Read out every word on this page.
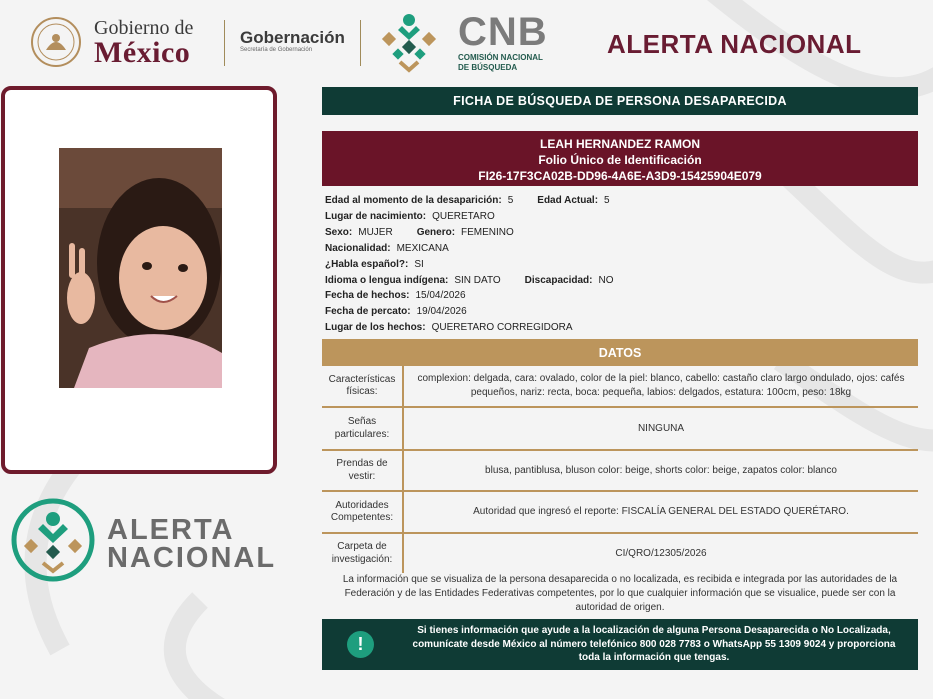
Gobierno de
México	Gobernación
Secretaría de Gobernación	CNB
COMISIÓN NACIONAL
DE BÚSQUEDA
ALERTA NACIONAL
ALERTA
NACIONAL
FICHA DE BÚSQUEDA DE PERSONA DESAPARECIDA
LEAH HERNANDEZ RAMON
Folio Único de Identificación
FI26-17F3CA02B-DD96-4A6E-A3D9-15425904E079
Edad al momento de la desaparición: 5 Edad Actual: 5
Lugar de nacimiento: QUERETARO
Sexo: MUJER Genero: FEMENINO
Nacionalidad: MEXICANA
¿Habla español?: SI
Idioma o lengua indígena: SIN DATO Discapacidad: NO
Fecha de hechos: 15/04/2026
Fecha de percato: 19/04/2026
Lugar de los hechos: QUERETARO CORREGIDORA
DATOS
Características físicas:
complexion: delgada, cara: ovalado, color de la piel: blanco, cabello: castaño claro largo ondulado, ojos: cafés pequeños, nariz: recta, boca: pequeña, labios: delgados, estatura: 100cm, peso: 18kg
Señas particulares:
NINGUNA
Prendas de vestir:
blusa, pantiblusa, bluson color: beige, shorts color: beige, zapatos color: blanco
Autoridades Competentes:
Autoridad que ingresó el reporte: FISCALÍA GENERAL DEL ESTADO QUERÉTARO.
Carpeta de investigación:
CI/QRO/12305/2026
La información que se visualiza de la persona desaparecida o no localizada, es recibida e integrada por las autoridades de la Federación y de las Entidades Federativas competentes, por lo que cualquier información que se visualice, puede ser con la autoridad de origen.
!
Si tienes información que ayude a la localización de alguna Persona Desaparecida o No Localizada, comunícate desde México al número telefónico 800 028 7783 o WhatsApp 55 1309 9024 y proporciona toda la información que tengas.
